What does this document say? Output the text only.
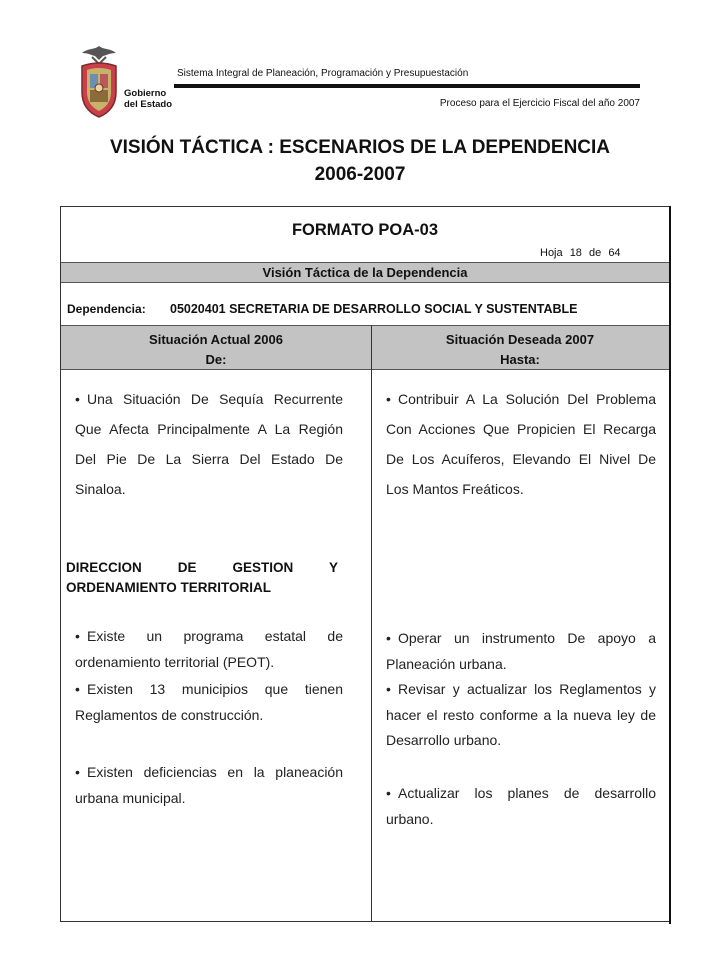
Gobierno
del Estado
Sistema Integral de Planeación, Programación y Presupuestación
Proceso para el Ejercicio Fiscal del año 2007
VISIÓN TÁCTICA : ESCENARIOS DE LA DEPENDENCIA
2006-2007
FORMATO POA-03
Hoja 18 de 64
Visión Táctica de la Dependencia
Dependencia: 05020401 SECRETARIA DE DESARROLLO SOCIAL Y SUSTENTABLE
Situación Actual 2006
De:
Situación Deseada 2007
Hasta:
• Una Situación De Sequía Recurrente Que Afecta Principalmente A La Región Del Pie De La Sierra Del Estado De Sinaloa.
• Contribuir A La Solución Del Problema Con Acciones Que Propicien El Recarga De Los Acuíferos, Elevando El Nivel De Los Mantos Freáticos.
DIRECCION DE GESTION Y ORDENAMIENTO TERRITORIAL
• Existe un programa estatal de ordenamiento territorial (PEOT).
• Existen 13 municipios que tienen Reglamentos de construcción.
• Existen deficiencias en la planeación urbana municipal.
• Operar un instrumento De apoyo a Planeación urbana.
• Revisar y actualizar los Reglamentos y hacer el resto conforme a la nueva ley de Desarrollo urbano.
• Actualizar los planes de desarrollo urbano.
